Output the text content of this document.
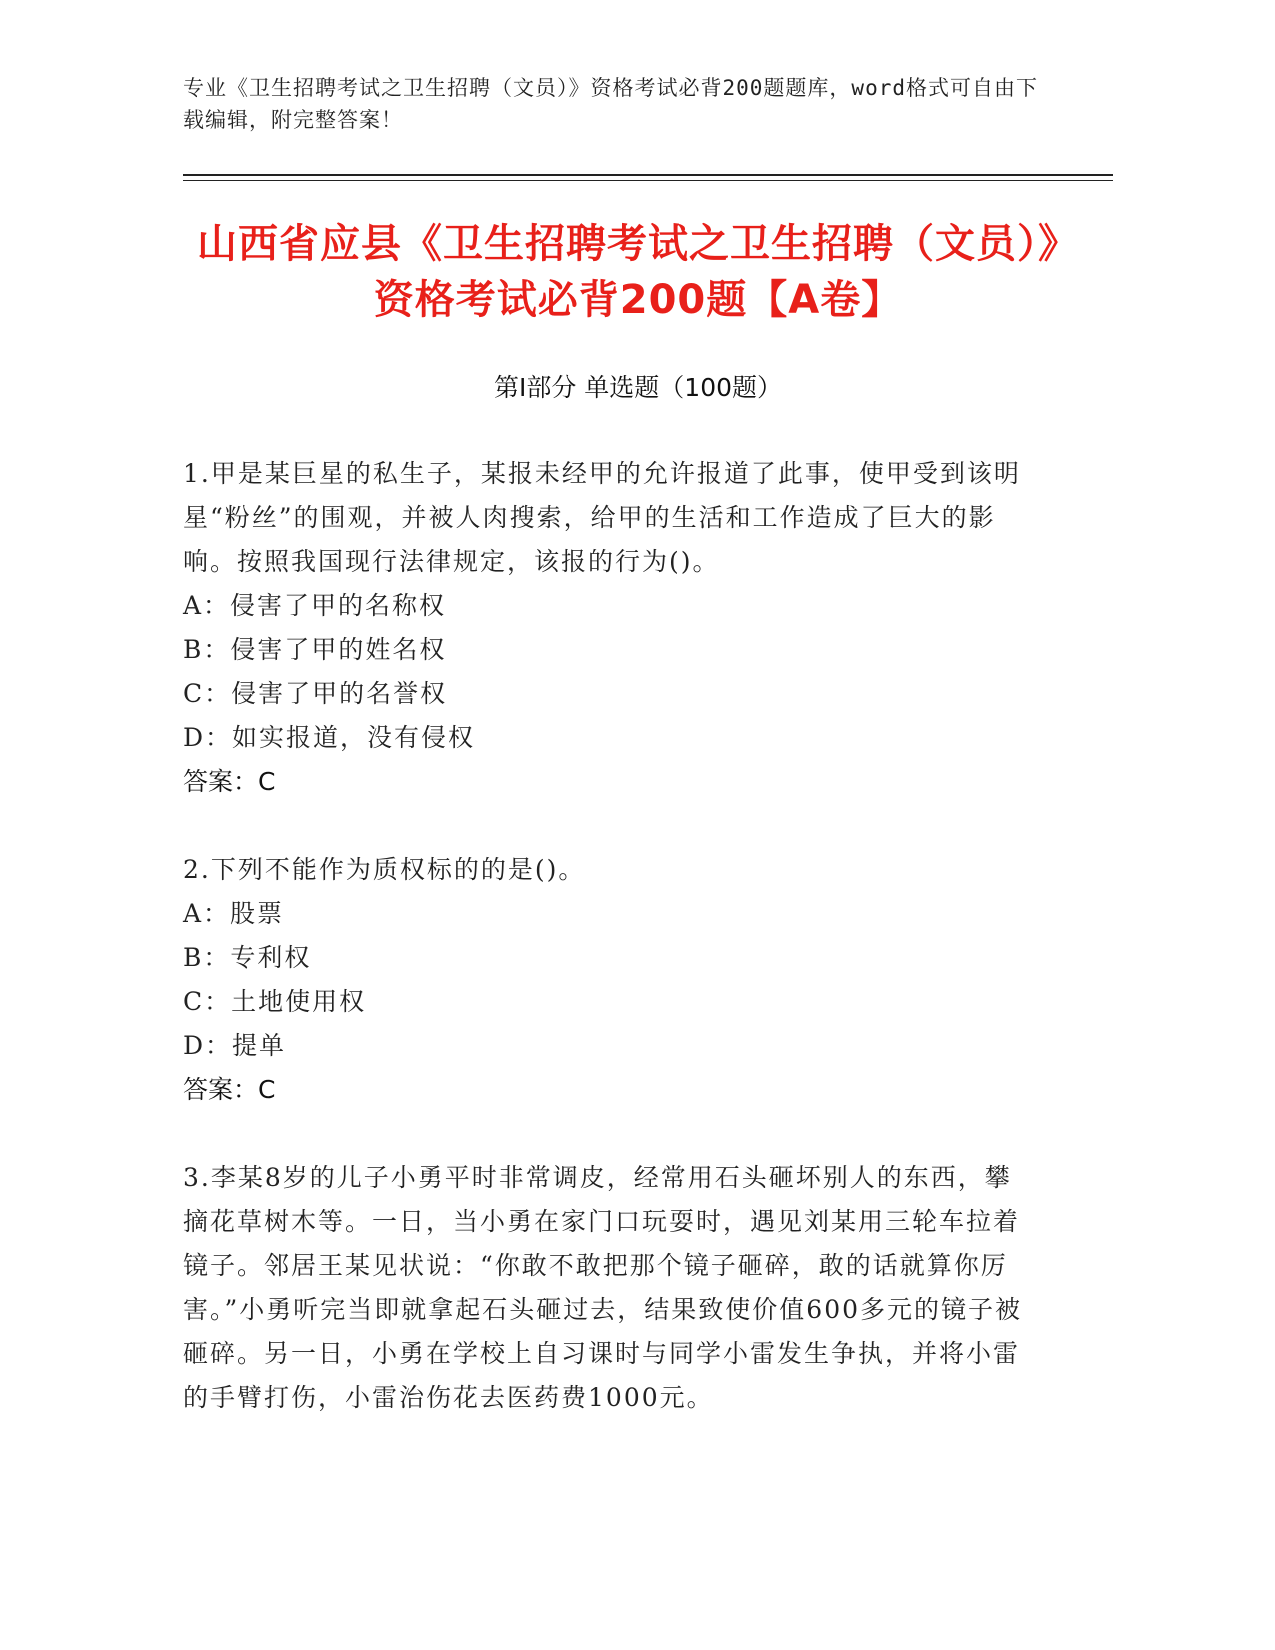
专业《卫生招聘考试之卫生招聘（文员）》资格考试必背200题题库，word格式可自由下载编辑，附完整答案！
山西省应县《卫生招聘考试之卫生招聘（文员）》资格考试必背200题【A卷】
第I部分 单选题（100题）
1.甲是某巨星的私生子，某报未经甲的允许报道了此事，使甲受到该明星“粉丝”的围观，并被人肉搜索，给甲的生活和工作造成了巨大的影响。按照我国现行法律规定，该报的行为()。
A：侵害了甲的名称权
B：侵害了甲的姓名权
C：侵害了甲的名誉权
D：如实报道，没有侵权
答案：C
2.下列不能作为质权标的的是()。
A：股票
B：专利权
C：土地使用权
D：提单
答案：C
3.李某8岁的儿子小勇平时非常调皮，经常用石头砸坏别人的东西，攀摘花草树木等。一日，当小勇在家门口玩耍时，遇见刘某用三轮车拉着镜子。邻居王某见状说：“你敢不敢把那个镜子砸碎，敢的话就算你厉害。”小勇听完当即就拿起石头砸过去，结果致使价值600多元的镜子被砸碎。另一日，小勇在学校上自习课时与同学小雷发生争执，并将小雷的手臂打伤，小雷治伤花去医药费1000元。
